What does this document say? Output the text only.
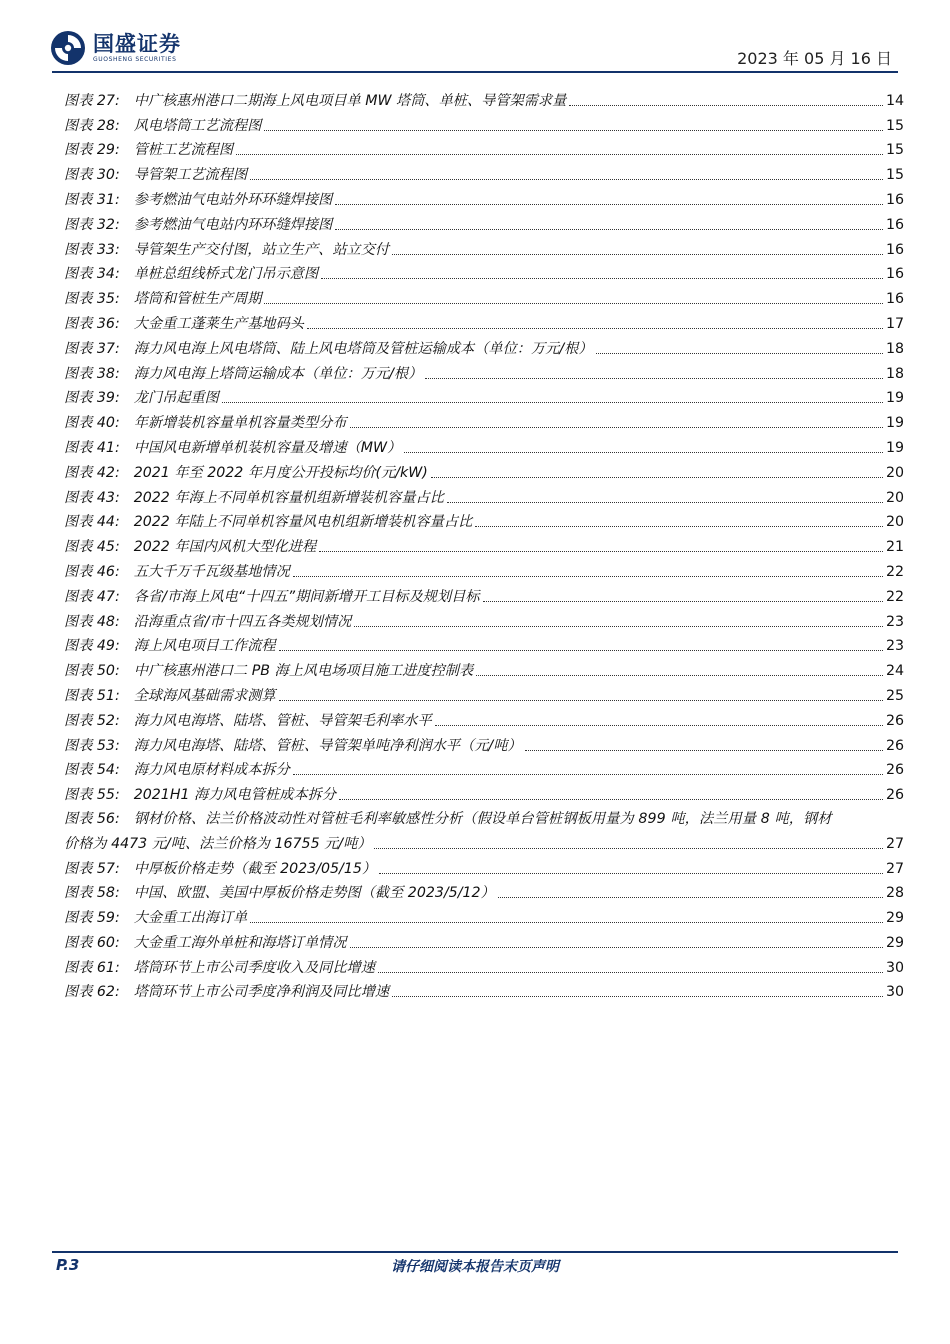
国盛证券
GUOSHENG SECURITIES	2023 年 05 月 16 日
图表 27: 中广核惠州港口二期海上风电项目单 MW 塔筒、单桩、导管架需求量	14
图表 28: 风电塔筒工艺流程图	15
图表 29: 管桩工艺流程图	15
图表 30: 导管架工艺流程图	15
图表 31: 参考燃油气电站外环环缝焊接图	16
图表 32: 参考燃油气电站内环环缝焊接图	16
图表 33: 导管架生产交付图，站立生产、站立交付	16
图表 34: 单桩总组线桥式龙门吊示意图	16
图表 35: 塔筒和管桩生产周期	16
图表 36: 大金重工蓬莱生产基地码头	17
图表 37: 海力风电海上风电塔筒、陆上风电塔筒及管桩运输成本（单位：万元/根）	18
图表 38: 海力风电海上塔筒运输成本（单位：万元/根）	18
图表 39: 龙门吊起重图	19
图表 40: 年新增装机容量单机容量类型分布	19
图表 41: 中国风电新增单机装机容量及增速（MW）	19
图表 42: 2021 年至 2022 年月度公开投标均价(元/kW)	20
图表 43: 2022 年海上不同单机容量机组新增装机容量占比	20
图表 44: 2022 年陆上不同单机容量风电机组新增装机容量占比	20
图表 45: 2022 年国内风机大型化进程	21
图表 46: 五大千万千瓦级基地情况	22
图表 47: 各省/市海上风电“十四五”期间新增开工目标及规划目标	22
图表 48: 沿海重点省/市十四五各类规划情况	23
图表 49: 海上风电项目工作流程	23
图表 50: 中广核惠州港口二 PB 海上风电场项目施工进度控制表	24
图表 51: 全球海风基础需求测算	25
图表 52: 海力风电海塔、陆塔、管桩、导管架毛利率水平	26
图表 53: 海力风电海塔、陆塔、管桩、导管架单吨净利润水平（元/吨）	26
图表 54: 海力风电原材料成本拆分	26
图表 55: 2021H1 海力风电管桩成本拆分	26
图表 56: 钢材价格、法兰价格波动性对管桩毛利率敏感性分析（假设单台管桩钢板用量为 899 吨，法兰用量 8 吨，钢材
价格为 4473 元/吨、法兰价格为 16755 元/吨）	27
图表 57: 中厚板价格走势（截至 2023/05/15）	27
图表 58: 中国、欧盟、美国中厚板价格走势图（截至 2023/5/12）	28
图表 59: 大金重工出海订单	29
图表 60: 大金重工海外单桩和海塔订单情况	29
图表 61: 塔筒环节上市公司季度收入及同比增速	30
图表 62: 塔筒环节上市公司季度净利润及同比增速	30
P.3	请仔细阅读本报告末页声明
